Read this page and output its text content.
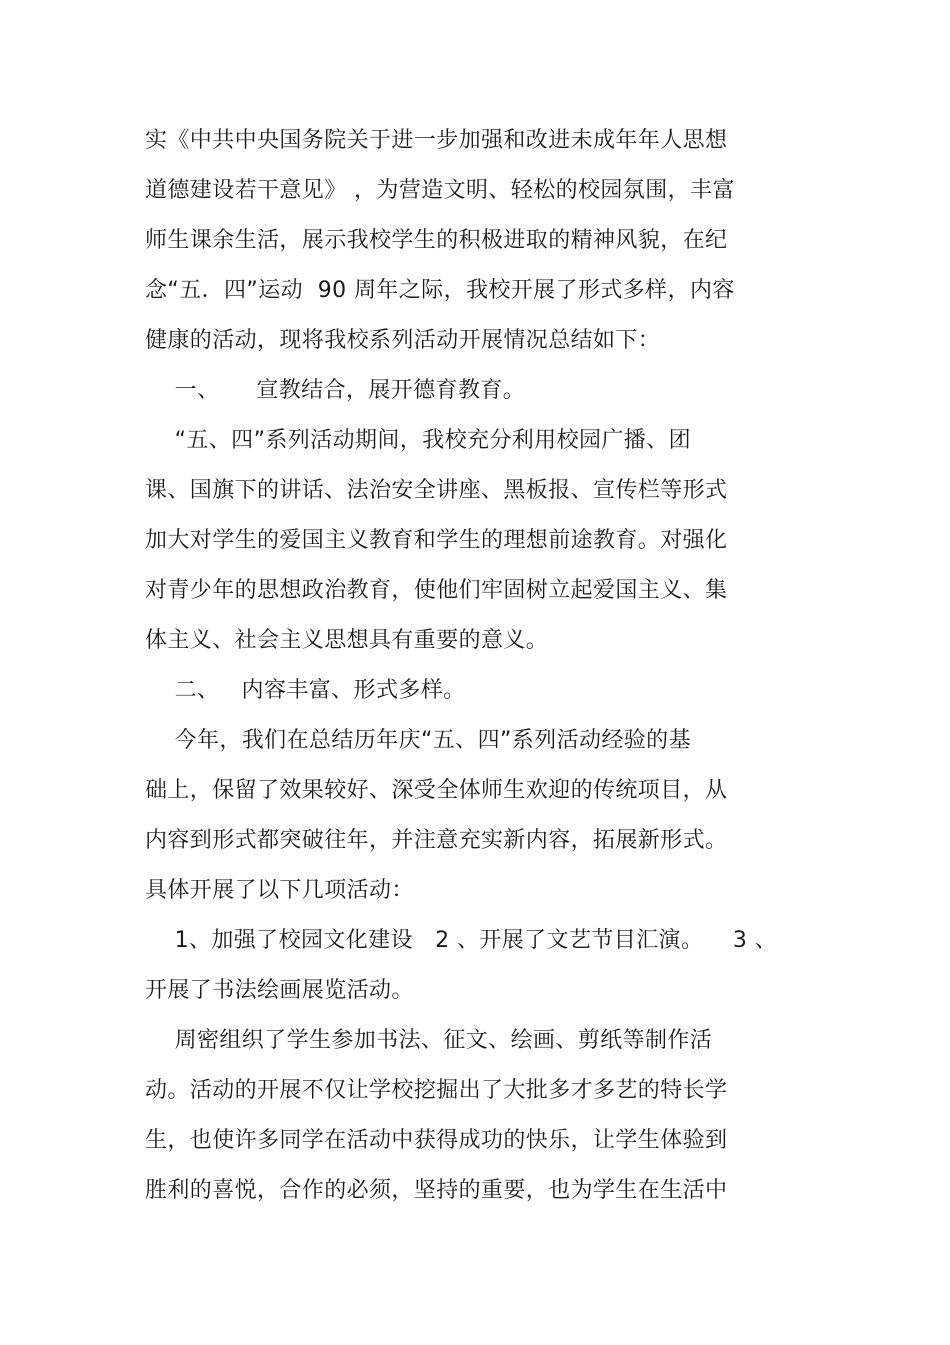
实《中共中央国务院关于进一步加强和改进未成年年人思想
道德建设若干意见》 ，为营造文明、轻松的校园氛围，丰富
师生课余生活，展示我校学生的积极进取的精神风貌，在纪
念“五．四”运动  90 周年之际，我校开展了形式多样，内容
健康的活动，现将我校系列活动开展情况总结如下：
一、     宣教结合，展开德育教育。
“五、四”系列活动期间，我校充分利用校园广播、团
课、国旗下的讲话、法治安全讲座、黑板报、宣传栏等形式
加大对学生的爱国主义教育和学生的理想前途教育。对强化
对青少年的思想政治教育，使他们牢固树立起爱国主义、集
体主义、社会主义思想具有重要的意义。
二、   内容丰富、形式多样。
今年，我们在总结历年庆“五、四”系列活动经验的基
础上，保留了效果较好、深受全体师生欢迎的传统项目，从
内容到形式都突破往年，并注意充实新内容，拓展新形式。
具体开展了以下几项活动：
1、加强了校园文化建设   2 、开展了文艺节目汇演。    3 、
开展了书法绘画展览活动。
周密组织了学生参加书法、征文、绘画、剪纸等制作活
动。活动的开展不仅让学校挖掘出了大批多才多艺的特长学
生，也使许多同学在活动中获得成功的快乐，让学生体验到
胜利的喜悦，合作的必须，坚持的重要，也为学生在生活中
